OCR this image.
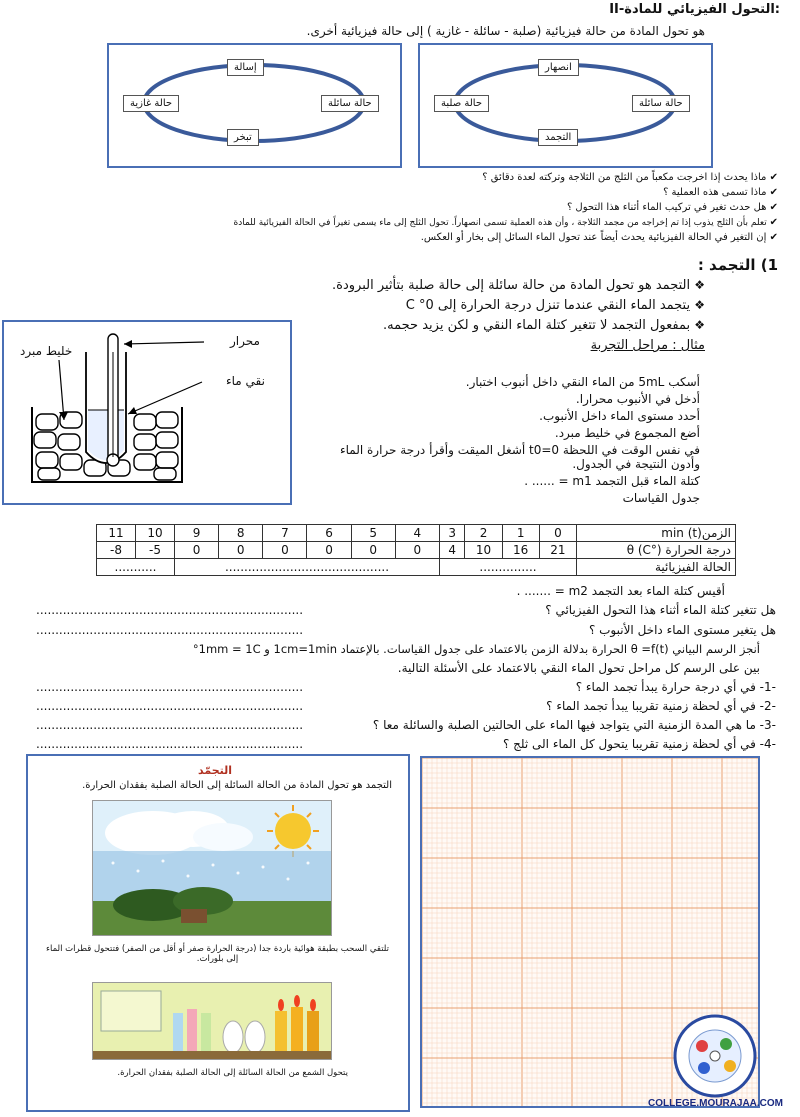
II-التحول الفيزيائي للمادة:
هو تحول المادة من حالة فيزيائية (صلبة - سائلة - غازية ) إلى حالة فيزيائية أخرى.
انصهار
حالة صلبة	حالة سائلة
التجمد
إسالة
حالة غازية	حالة سائلة
تبخر
✔ ماذا يحدث إذا اخرجت مكعباً من الثلج من الثلاجة وتركته لعدة دقائق ؟
✔ ماذا تسمى هذه العملية ؟
✔ هل حدث تغير في تركيب الماء أثناء هذا التحول ؟
✔ تعلم بأن الثلج يذوب إذا تم إخراجه من مجمد الثلاجة ، وأن هذه العملية تسمى انصهاراً. تحول الثلج إلى ماء يسمى تغيراً في الحالة الفيزيائية للمادة
✔ إن التغير في الحالة الفيزيائية يحدث أيضاً عند تحول الماء السائل إلى بخار أو العكس.
1) التجمد :
❖ التجمد هو تحول المادة من حالة سائلة إلى حالة صلبة بتأثير البرودة.
❖ يتجمد الماء النقي عندما تنزل درجة الحرارة إلى 0° C
❖ بمفعول التجمد لا تتغير كتلة الماء النقي و لكن يزيد حجمه.
خليط مبرد
محرار
نقي ماء
مثال : مراحل التجربة
أسكب 5mL من الماء النقي داخل أنبوب اختبار.
أدخل في الأنبوب محرارا.
أحدد مستوى الماء داخل الأنبوب.
أضع المجموع في خليط مبرد.
في نفس الوقت في اللحظة t0=0 أشغل الميقت وأقرأ درجة حرارة الماء
وأدون النتيجة في الجدول.
كتلة الماء قبل التجمد m1 = ...... .
جدول القياسات
11	10	9	8	7	6	5	4	3	2	1	0	الزمن(t) min
-8	-5	0	0	0	0	0	0	4	10	16	21	درجة الحرارة θ (C°)
...........		...........................................						...............				الحالة الفيزيائية
أقيس كتلة الماء بعد التجمد m2 = ....... .
هل تتغير كتلة الماء أثناء هذا التحول الفيزيائي ؟
......................................................................
هل يتغير مستوى الماء داخل الأنبوب ؟
......................................................................
أنجز الرسم البياني θ =f(t) الحرارة بدلالة الزمن بالاعتماد على جدول القياسات. بالإعتماد 1cm=1min و 1mm = 1C°
بين على الرسم كل مراحل تحول الماء النقي بالاعتماد على الأسئلة التالية.
-1- في أي درجة حرارة يبدأ تجمد الماء ؟
......................................................................
-2- في أي لحظة زمنية تقريبا يبدأ تجمد الماء ؟
......................................................................
-3- ما هي المدة الزمنية التي يتواجد فيها الماء على الحالتين الصلبة والسائلة معا ؟
......................................................................
-4- في أي لحظة زمنية تقريبا يتحول كل الماء الى ثلج ؟
......................................................................
التجمّد
التجمد هو تحول المادة من الحالة السائلة إلى الحالة الصلبة بفقدان الحرارة.
تلتقي السحب بطبقة هوائية باردة جدا (درجة الحرارة صفر أو أقل من الصفر) فتتحول قطرات الماء إلى بلورات.
يتحول الشمع من الحالة السائلة إلى الحالة الصلبة بفقدان الحرارة.
COLLEGE.MOURAJAA.COM
